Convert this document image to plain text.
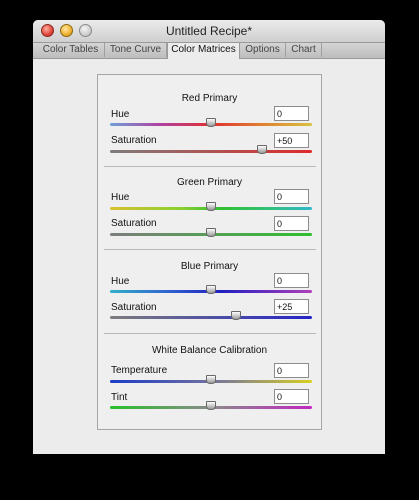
Untitled Recipe*
Color Tables	Tone Curve	Color Matrices Options	Chart
Red Primary
Hue
0
Saturation
+50
Green Primary
Hue
0
Saturation
0
Blue Primary
Hue
0
Saturation
+25
White Balance Calibration
Temperature
0
Tint
0
